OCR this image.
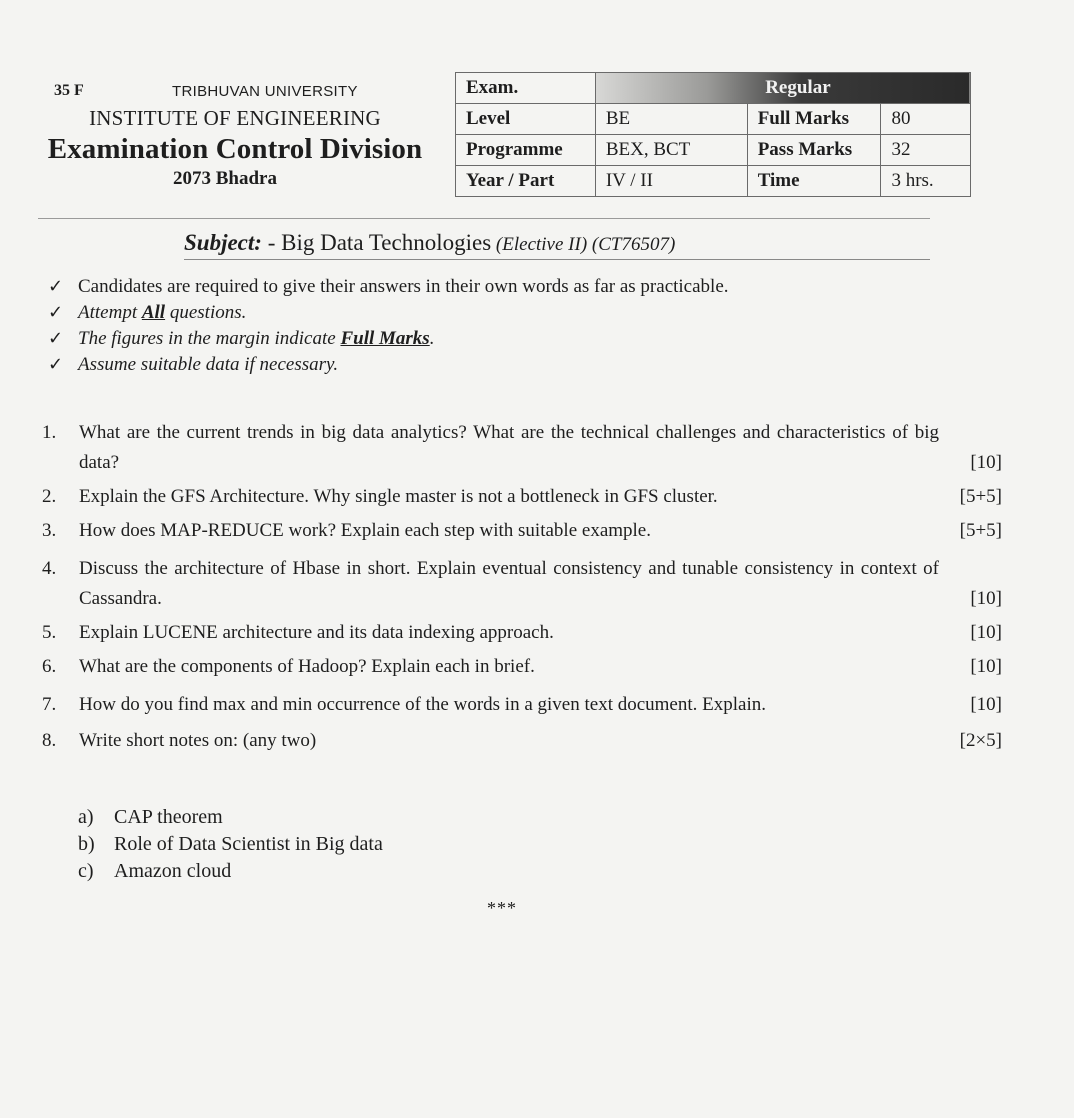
35 F	TRIBHUVAN UNIVERSITY
INSTITUTE OF ENGINEERING
Examination Control Division
2073 Bhadra
Exam.	Regular		
Level	BE	Full Marks	80
Programme	BEX, BCT	Pass Marks	32
Year / Part	IV / II	Time	3 hrs.
Subject: - Big Data Technologies (Elective II) (CT76507)
✓ Candidates are required to give their answers in their own words as far as practicable.
✓ Attempt All questions.
✓ The figures in the margin indicate Full Marks.
✓ Assume suitable data if necessary.
1. What are the current trends in big data analytics? What are the technical challenges and characteristics of big data?	[10]
2. Explain the GFS Architecture. Why single master is not a bottleneck in GFS cluster.	[5+5]
3. How does MAP-REDUCE work? Explain each step with suitable example.	[5+5]
4. Discuss the architecture of Hbase in short. Explain eventual consistency and tunable consistency in context of Cassandra.	[10]
5. Explain LUCENE architecture and its data indexing approach.	[10]
6. What are the components of Hadoop? Explain each in brief.	[10]
7. How do you find max and min occurrence of the words in a given text document. Explain.	[10]
8. Write short notes on: (any two)	[2×5]
a) CAP theorem
b) Role of Data Scientist in Big data
c) Amazon cloud
***
